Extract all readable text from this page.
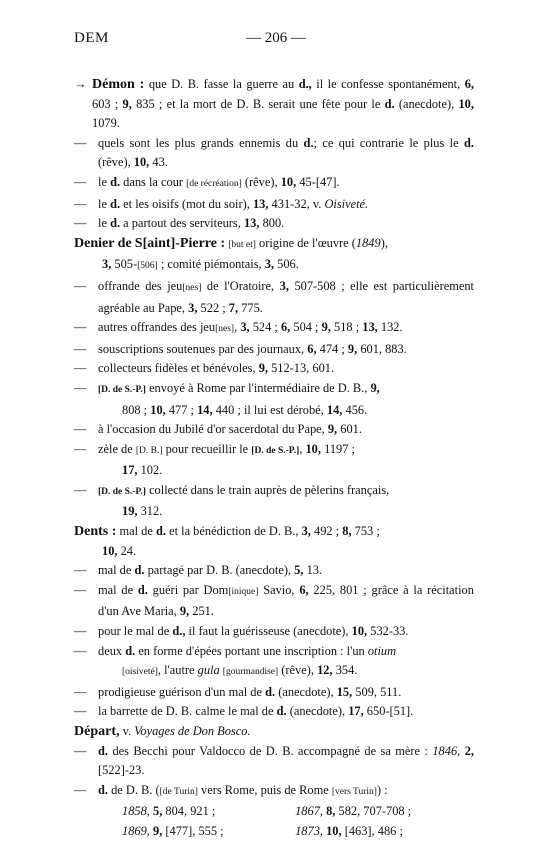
DEM	— 206 —
→ Démon : que D. B. fasse la guerre au d., il le confesse spontanément, 6, 603 ; 9, 835 ; et la mort de D. B. serait une fête pour le d. (anecdote), 10, 1079.
— quels sont les plus grands ennemis du d.; ce qui contrarie le plus le d. (rêve), 10, 43.
— le d. dans la cour [de récréation] (rêve), 10, 45-[47].
— le d. et les oisifs (mot du soir), 13, 431-32, v. Oisiveté.
— le d. a partout des serviteurs, 13, 800.
Denier de S[aint]-Pierre : [but et] origine de l'œuvre (1849),
3, 505-[506] ; comité piémontais, 3, 506.
— offrande des jeu[nes] de l'Oratoire, 3, 507-508 ; elle est particulièrement agréable au Pape, 3, 522 ; 7, 775.
— autres offrandes des jeu[nes], 3, 524 ; 6, 504 ; 9, 518 ; 13, 132.
— souscriptions soutenues par des journaux, 6, 474 ; 9, 601, 883.
— collecteurs fidèles et bénévoles, 9, 512-13, 601.
— [D. de S.-P.] envoyé à Rome par l'intermédiaire de D. B., 9,
808 ; 10, 477 ; 14, 440 ; il lui est dérobé, 14, 456.
— à l'occasion du Jubilé d'or sacerdotal du Pape, 9, 601.
— zèle de [D. B.] pour recueillir le [D. de S.-P.], 10, 1197 ;
17, 102.
— [D. de S.-P.] collecté dans le train auprès de pèlerins français,
19, 312.
Dents : mal de d. et la bénédiction de D. B., 3, 492 ; 8, 753 ;
10, 24.
— mal de d. partagé par D. B. (anecdote), 5, 13.
— mal de d. guéri par Dom[inique] Savio, 6, 225, 801 ; grâce à la récitation d'un Ave Maria, 9, 251.
— pour le mal de d., il faut la guérisseuse (anecdote), 10, 532-33.
— deux d. en forme d'épées portant une inscription : l'un otium
[oisiveté], l'autre gula [gourmandise] (rêve), 12, 354.
— prodigieuse guérison d'un mal de d. (anecdote), 15, 509, 511.
— la barrette de D. B. calme le mal de d. (anecdote), 17, 650-[51].
Départ, v. Voyages de Don Bosco.
— d. des Becchi pour Valdocco de D. B. accompagné de sa mère : 1846, 2, [522]-23.
— d. de D. B. ([de Turin] vers Rome, puis de Rome [vers Turin]) :
1858, 5, 804, 921 ;	1867, 8, 582, 707-708 ;
1869, 9, [477], 555 ;	1873, 10, [463], 486 ;
